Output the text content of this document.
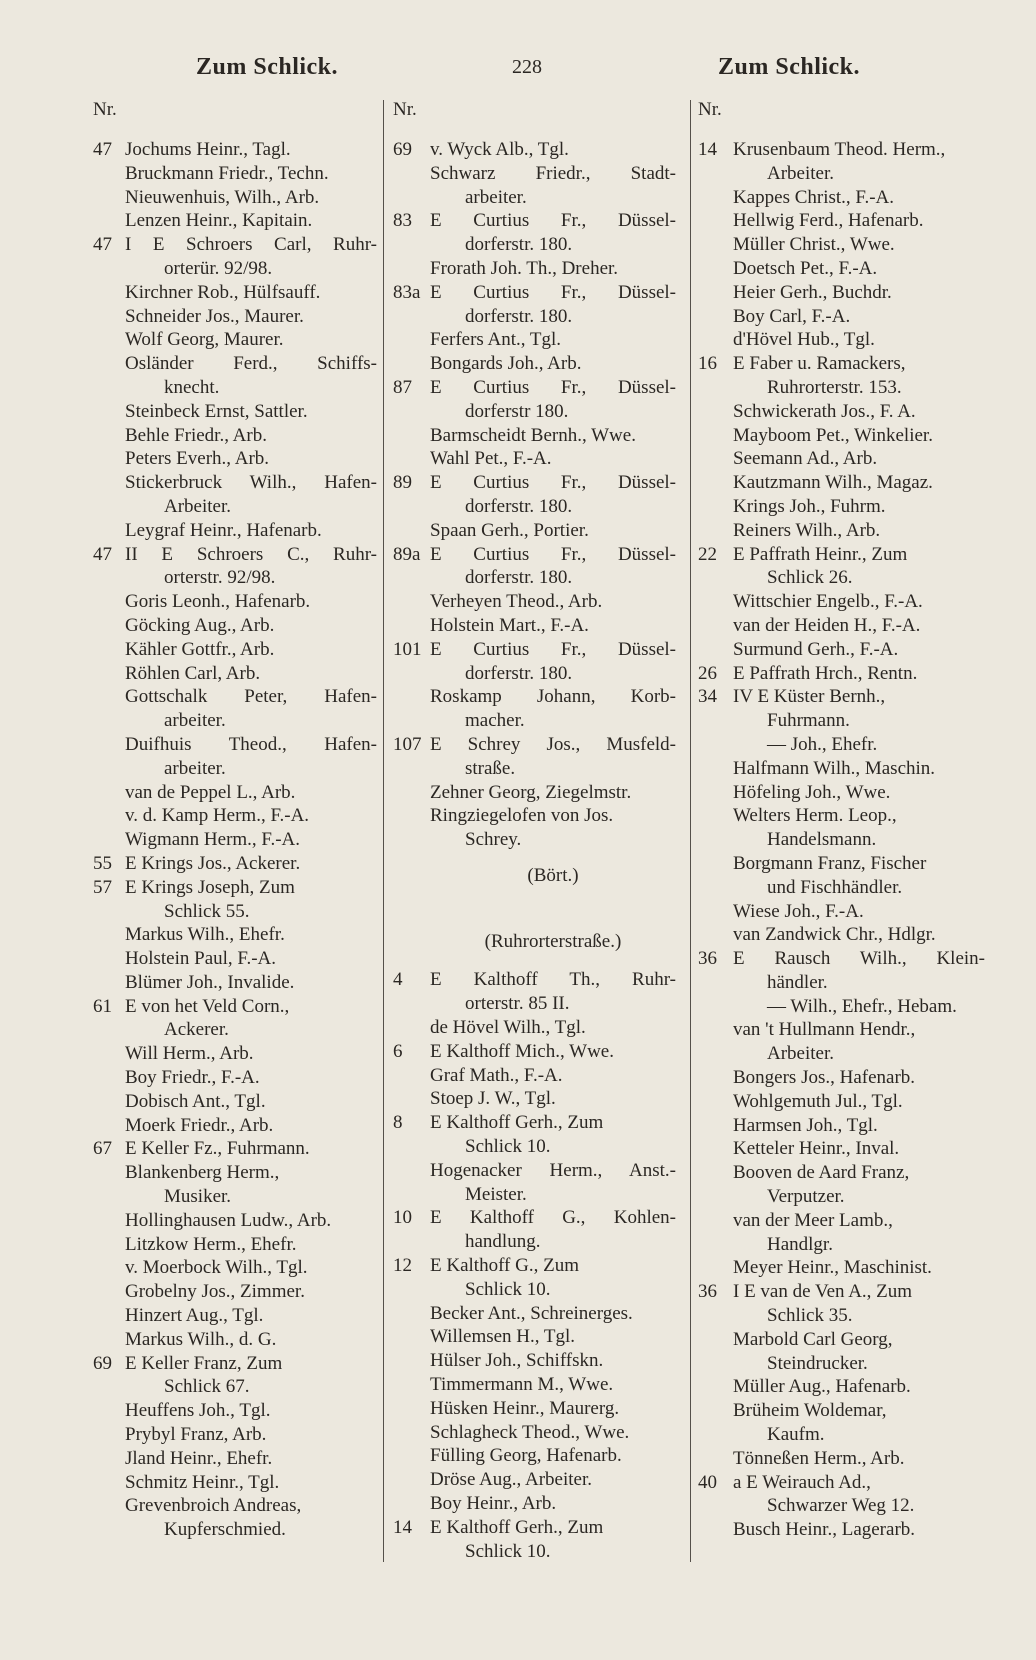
Zum Schlick.	228	Zum Schlick.
Nr.	Nr.	Nr.
47 Jochums Heinr., Tagl.
Bruckmann Friedr., Techn.
Nieuwenhuis, Wilh., Arb.
Lenzen Heinr., Kapitain.
47 I E Schroers Carl, Ruhr-
orterür. 92/98.
Kirchner Rob., Hülfsauff.
Schneider Jos., Maurer.
Wolf Georg, Maurer.
Osländer Ferd., Schiffs-
knecht.
Steinbeck Ernst, Sattler.
Behle Friedr., Arb.
Peters Everh., Arb.
Stickerbruck Wilh., Hafen-
Arbeiter.
Leygraf Heinr., Hafenarb.
47 II E Schroers C., Ruhr-
orterstr. 92/98.
Goris Leonh., Hafenarb.
Göcking Aug., Arb.
Kähler Gottfr., Arb.
Röhlen Carl, Arb.
Gottschalk Peter, Hafen-
arbeiter.
Duifhuis Theod., Hafen-
arbeiter.
van de Peppel L., Arb.
v. d. Kamp Herm., F.-A.
Wigmann Herm., F.-A.
55 E Krings Jos., Ackerer.
57 E Krings Joseph, Zum
Schlick 55.
Markus Wilh., Ehefr.
Holstein Paul, F.-A.
Blümer Joh., Invalide.
61 E von het Veld Corn.,
Ackerer.
Will Herm., Arb.
Boy Friedr., F.-A.
Dobisch Ant., Tgl.
Moerk Friedr., Arb.
67 E Keller Fz., Fuhrmann.
Blankenberg Herm.,
Musiker.
Hollinghausen Ludw., Arb.
Litzkow Herm., Ehefr.
v. Moerbock Wilh., Tgl.
Grobelny Jos., Zimmer.
Hinzert Aug., Tgl.
Markus Wilh., d. G.
69 E Keller Franz, Zum
Schlick 67.
Heuffens Joh., Tgl.
Prybyl Franz, Arb.
Jland Heinr., Ehefr.
Schmitz Heinr., Tgl.
Grevenbroich Andreas,
Kupferschmied.
69 v. Wyck Alb., Tgl.
Schwarz Friedr., Stadt-
arbeiter.
83 E Curtius Fr., Düssel-
dorferstr. 180.
Frorath Joh. Th., Dreher.
83a E Curtius Fr., Düssel-
dorferstr. 180.
Ferfers Ant., Tgl.
Bongards Joh., Arb.
87 E Curtius Fr., Düssel-
dorferstr 180.
Barmscheidt Bernh., Wwe.
Wahl Pet., F.-A.
89 E Curtius Fr., Düssel-
dorferstr. 180.
Spaan Gerh., Portier.
89a E Curtius Fr., Düssel-
dorferstr. 180.
Verheyen Theod., Arb.
Holstein Mart., F.-A.
101 E Curtius Fr., Düssel-
dorferstr. 180.
Roskamp Johann, Korb-
macher.
107 E Schrey Jos., Musfeld-
straße.
Zehner Georg, Ziegelmstr.
Ringziegelofen von Jos.
Schrey.
(Bört.)
(Ruhrorterstraße.)
4 E Kalthoff Th., Ruhr-
orterstr. 85 II.
de Hövel Wilh., Tgl.
6 E Kalthoff Mich., Wwe.
Graf Math., F.-A.
Stoep J. W., Tgl.
8 E Kalthoff Gerh., Zum
Schlick 10.
Hogenacker Herm., Anst.-
Meister.
10 E Kalthoff G., Kohlen-
handlung.
12 E Kalthoff G., Zum
Schlick 10.
Becker Ant., Schreinerges.
Willemsen H., Tgl.
Hülser Joh., Schiffskn.
Timmermann M., Wwe.
Hüsken Heinr., Maurerg.
Schlagheck Theod., Wwe.
Fülling Georg, Hafenarb.
Dröse Aug., Arbeiter.
Boy Heinr., Arb.
14 E Kalthoff Gerh., Zum
Schlick 10.
14 Krusenbaum Theod. Herm.,
Arbeiter.
Kappes Christ., F.-A.
Hellwig Ferd., Hafenarb.
Müller Christ., Wwe.
Doetsch Pet., F.-A.
Heier Gerh., Buchdr.
Boy Carl, F.-A.
d'Hövel Hub., Tgl.
16 E Faber u. Ramackers,
Ruhrorterstr. 153.
Schwickerath Jos., F. A.
Mayboom Pet., Winkelier.
Seemann Ad., Arb.
Kautzmann Wilh., Magaz.
Krings Joh., Fuhrm.
Reiners Wilh., Arb.
22 E Paffrath Heinr., Zum
Schlick 26.
Wittschier Engelb., F.-A.
van der Heiden H., F.-A.
Surmund Gerh., F.-A.
26 E Paffrath Hrch., Rentn.
34 IV E Küster Bernh.,
Fuhrmann.
— Joh., Ehefr.
Halfmann Wilh., Maschin.
Höfeling Joh., Wwe.
Welters Herm. Leop.,
Handelsmann.
Borgmann Franz, Fischer
und Fischhändler.
Wiese Joh., F.-A.
van Zandwick Chr., Hdlgr.
36 E Rausch Wilh., Klein-
händler.
— Wilh., Ehefr., Hebam.
van 't Hullmann Hendr.,
Arbeiter.
Bongers Jos., Hafenarb.
Wohlgemuth Jul., Tgl.
Harmsen Joh., Tgl.
Ketteler Heinr., Inval.
Booven de Aard Franz,
Verputzer.
van der Meer Lamb.,
Handlgr.
Meyer Heinr., Maschinist.
36 I E van de Ven A., Zum
Schlick 35.
Marbold Carl Georg,
Steindrucker.
Müller Aug., Hafenarb.
Brüheim Woldemar,
Kaufm.
Tönneßen Herm., Arb.
40 a E Weirauch Ad.,
Schwarzer Weg 12.
Busch Heinr., Lagerarb.
